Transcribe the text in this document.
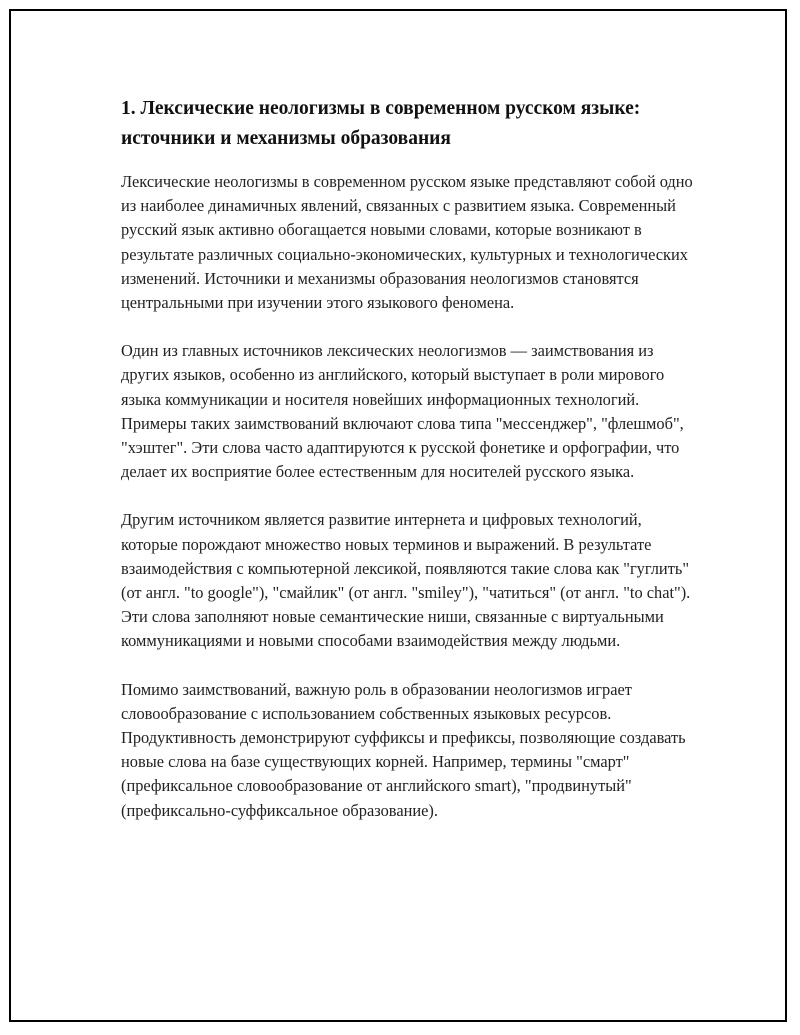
1. Лексические неологизмы в современном русском языке: источники и механизмы образования

Лексические неологизмы в современном русском языке представляют собой одно из наиболее динамичных явлений, связанных с развитием языка. Современный русский язык активно обогащается новыми словами, которые возникают в результате различных социально-экономических, культурных и технологических изменений. Источники и механизмы образования неологизмов становятся центральными при изучении этого языкового феномена.

Один из главных источников лексических неологизмов — заимствования из других языков, особенно из английского, который выступает в роли мирового языка коммуникации и носителя новейших информационных технологий. Примеры таких заимствований включают слова типа "мессенджер", "флешмоб", "хэштег". Эти слова часто адаптируются к русской фонетике и орфографии, что делает их восприятие более естественным для носителей русского языка.

Другим источником является развитие интернета и цифровых технологий, которые порождают множество новых терминов и выражений. В результате взаимодействия с компьютерной лексикой, появляются такие слова как "гуглить" (от англ. "to google"), "смайлик" (от англ. "smiley"), "чатиться" (от англ. "to chat"). Эти слова заполняют новые семантические ниши, связанные с виртуальными коммуникациями и новыми способами взаимодействия между людьми.

Помимо заимствований, важную роль в образовании неологизмов играет словообразование с использованием собственных языковых ресурсов. Продуктивность демонстрируют суффиксы и префиксы, позволяющие создавать новые слова на базе существующих корней. Например, термины "смарт" (префиксальное словообразование от английского smart), "продвинутый" (префиксально-суффиксальное образование).
